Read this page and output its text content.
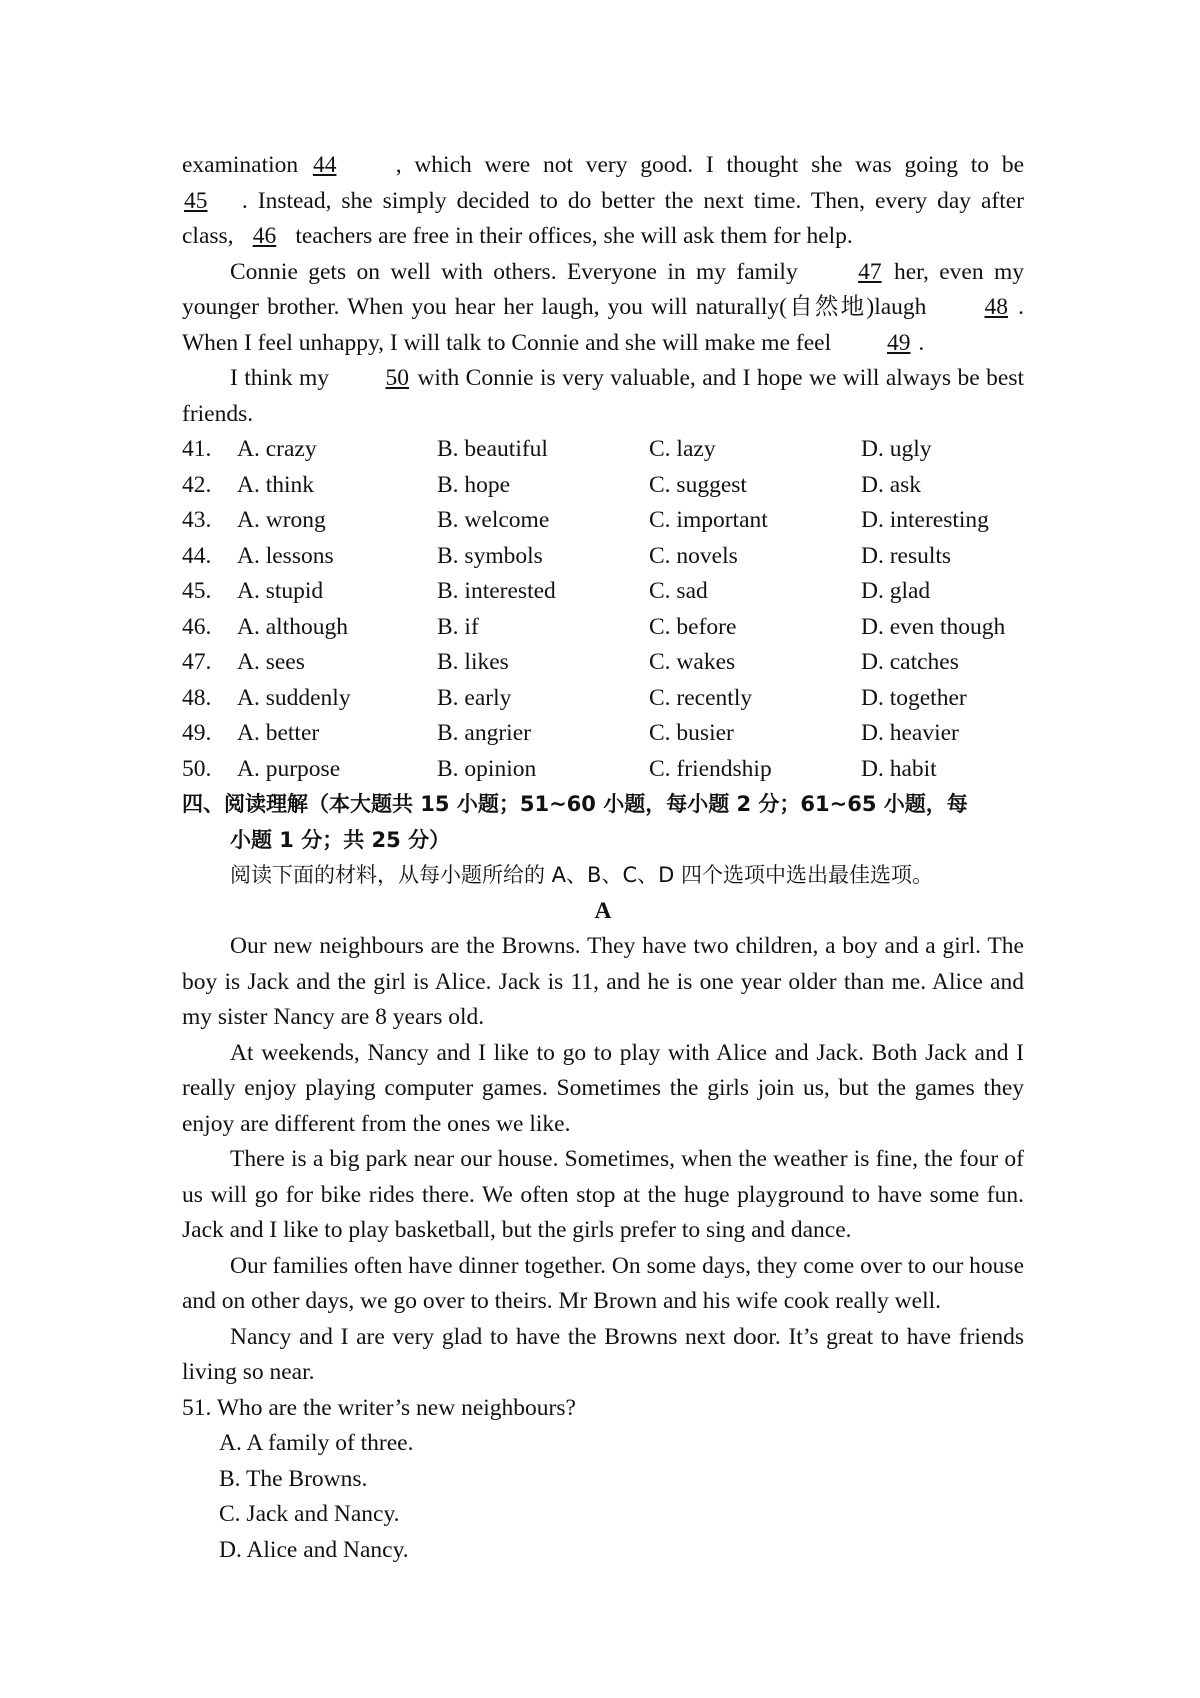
examination 44 , which were not very good. I thought she was going to be
45 . Instead, she simply decided to do better the next time. Then, every day after
class, 46 teachers are free in their offices, she will ask them for help.

Connie gets on well with others. Everyone in my family 47 her, even my younger brother. When you hear her laugh, you will naturally(自然地)laugh 48 . When I feel unhappy, I will talk to Connie and she will make me feel 49 .

I think my 50 with Connie is very valuable, and I hope we will always be best friends.

41.	A. crazy	B. beautiful	C. lazy	D. ugly
42.	A. think	B. hope	C. suggest	D. ask
43.	A. wrong	B. welcome	C. important	D. interesting
44.	A. lessons	B. symbols	C. novels	D. results
45.	A. stupid	B. interested	C. sad	D. glad
46.	A. although	B. if	C. before	D. even though
47.	A. sees	B. likes	C. wakes	D. catches
48.	A. suddenly	B. early	C. recently	D. together
49.	A. better	B. angrier	C. busier	D. heavier
50.	A. purpose	B. opinion	C. friendship	D. habit
四、阅读理解（本大题共 15 小题；51~60 小题，每小题 2 分；61~65 小题，每
小题 1 分；共 25 分）
阅读下面的材料，从每小题所给的 A、B、C、D 四个选项中选出最佳选项。
A

Our new neighbours are the Browns. They have two children, a boy and a girl. The boy is Jack and the girl is Alice. Jack is 11, and he is one year older than me. Alice and my sister Nancy are 8 years old.

At weekends, Nancy and I like to go to play with Alice and Jack. Both Jack and I really enjoy playing computer games. Sometimes the girls join us, but the games they enjoy are different from the ones we like.

There is a big park near our house. Sometimes, when the weather is fine, the four of us will go for bike rides there. We often stop at the huge playground to have some fun. Jack and I like to play basketball, but the girls prefer to sing and dance.

Our families often have dinner together. On some days, they come over to our house and on other days, we go over to theirs. Mr Brown and his wife cook really well.

Nancy and I are very glad to have the Browns next door. It’s great to have friends living so near.

51. Who are the writer’s new neighbours?
A. A family of three.
B. The Browns.
C. Jack and Nancy.
D. Alice and Nancy.
